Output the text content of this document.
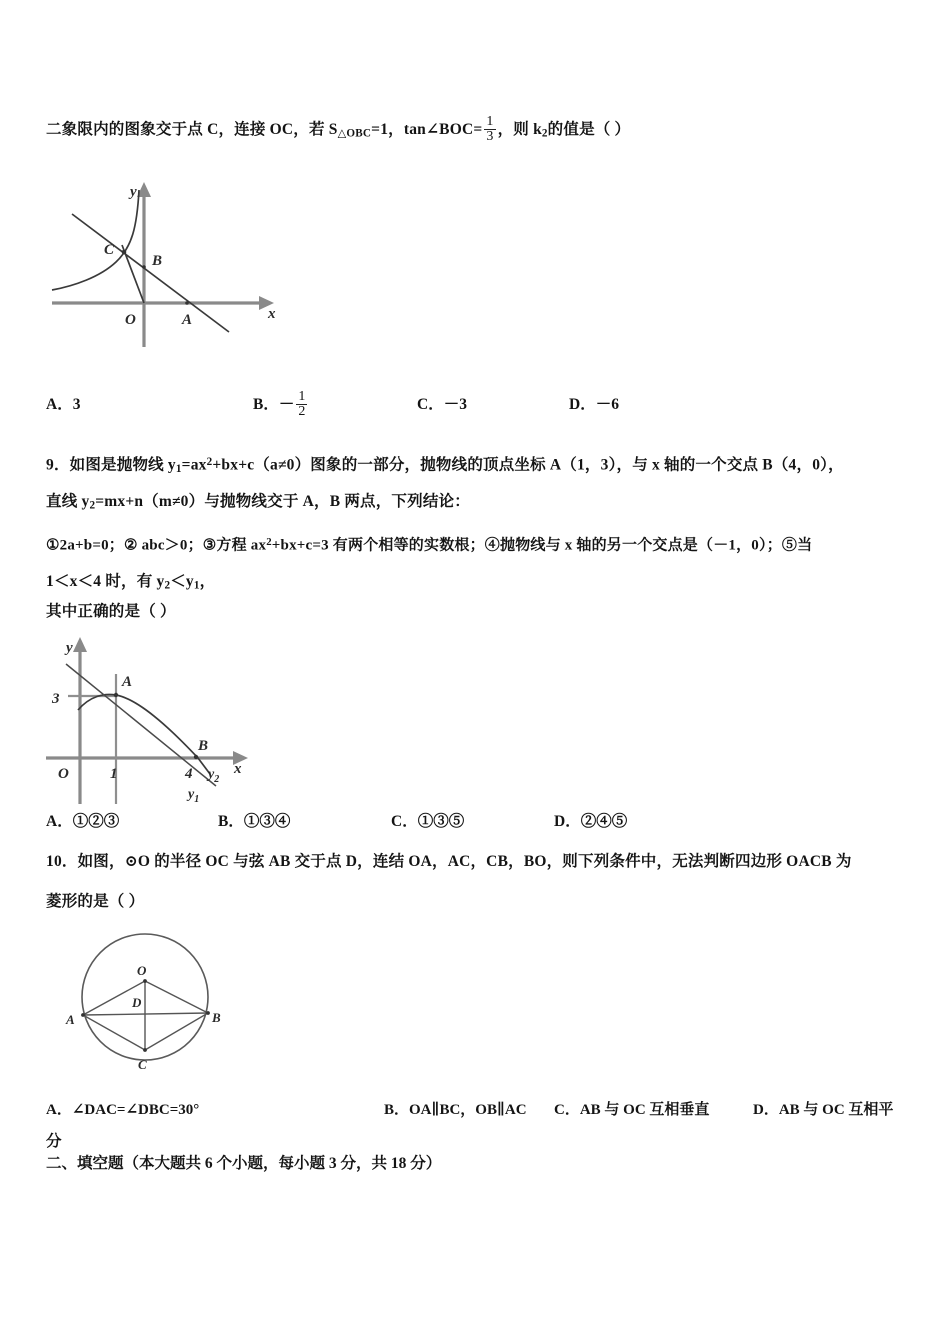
二象限内的图象交于点 C，连接 OC，若 $S_{\triangle OBC}=1$，tan∠BOC= $\frac{1}{3}$ ，则 $k_2$的值是（ ）
C
B
A
O	x
y
A．3	B．－ $\frac{1}{2}$	C．－3	D．－6
9．如图是抛物线 $y_1=ax^2+bx+c(a\ne 0)$图象的一部分，抛物线的顶点坐标 A（1，3），与 x 轴的一个交点 B（4，0），
直线 $y_2=mx+n(m\ne 0)$与抛物线交于 A，B 两点，下列结论：
①2a+b=0；② abc＞0；③方程 $ax^2+bx+c=3$ 有两个相等的实数根；④抛物线与 x 轴的另一个交点是（－1，0）；⑤当
1＜x＜4 时，有 $y_2<y_1$，
其中正确的是（ ）
A
B
3
O	1	4	x
y
$y_2$
$y_1$
A．①②③	B．①③④	C．①③⑤	D．②④⑤
10．如图，⊙O 的半径 OC 与弦 AB 交于点 D，连结 OA，AC，CB，BO，则下列条件中，无法判断四边形 OACB 为
菱形的是（ ）
O
A	B
C
D
A．∠DAC=∠DBC=30°	B．OA∥BC，OB∥AC C．AB 与 OC 互相垂直	D．AB 与 OC 互相平
分
二、填空题（本大题共 6 个小题，每小题 3 分，共 18 分）
